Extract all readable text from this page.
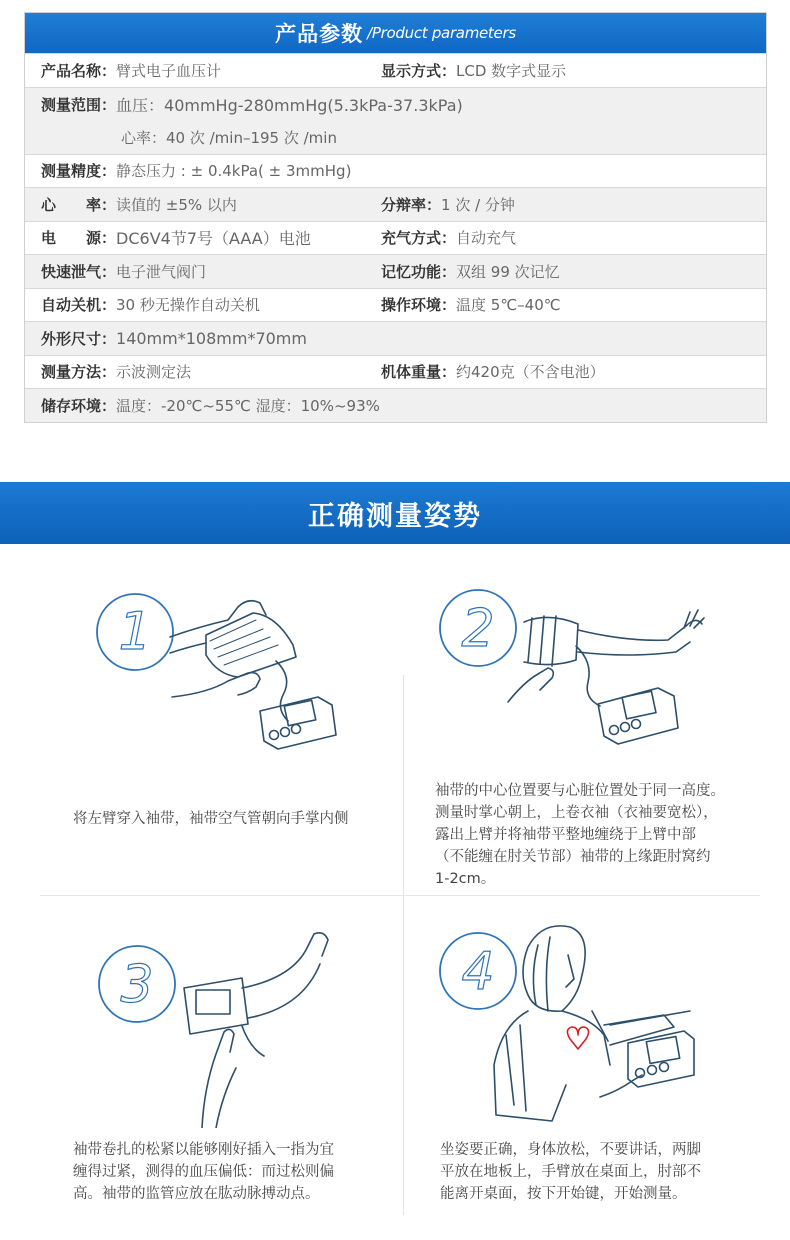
产品参数 /Product parameters
产品名称： 臂式电子血压计	显示方式： LCD 数字式显示
测量范围： 血压：40mmHg-280mmHg(5.3kPa-37.3kPa)
心率：40 次 /min–195 次 /min
测量精度： 静态压力 : ± 0.4kPa( ± 3mmHg)
心　　率： 读值的 ±5% 以内	分辩率： 1 次 / 分钟
电　　源： DC6V4节7号（AAA）电池	充气方式： 自动充气
快速泄气： 电子泄气阀门	记忆功能： 双组 99 次记忆
自动关机： 30 秒无操作自动关机	操作环境： 温度 5℃–40℃
外形尺寸： 140mm*108mm*70mm
测量方法： 示波测定法	机体重量： 约420克（不含电池）
储存环境： 温度：-20℃~55℃ 湿度：10%~93%
正确测量姿势
1
将左臂穿入袖带，袖带空气管朝向手掌内侧
2
袖带的中心位置要与心脏位置处于同一高度。
测量时掌心朝上，上卷衣袖（衣袖要宽松），
露出上臂并将袖带平整地缠绕于上臂中部
（不能缠在肘关节部）袖带的上缘距肘窝约
1-2cm。
3
袖带卷扎的松紧以能够刚好插入一指为宜
缠得过紧，测得的血压偏低：而过松则偏
高。袖带的监管应放在肱动脉搏动点。
4
坐姿要正确，身体放松，不要讲话，两脚
平放在地板上，手臂放在桌面上，肘部不
能离开桌面，按下开始键，开始测量。
